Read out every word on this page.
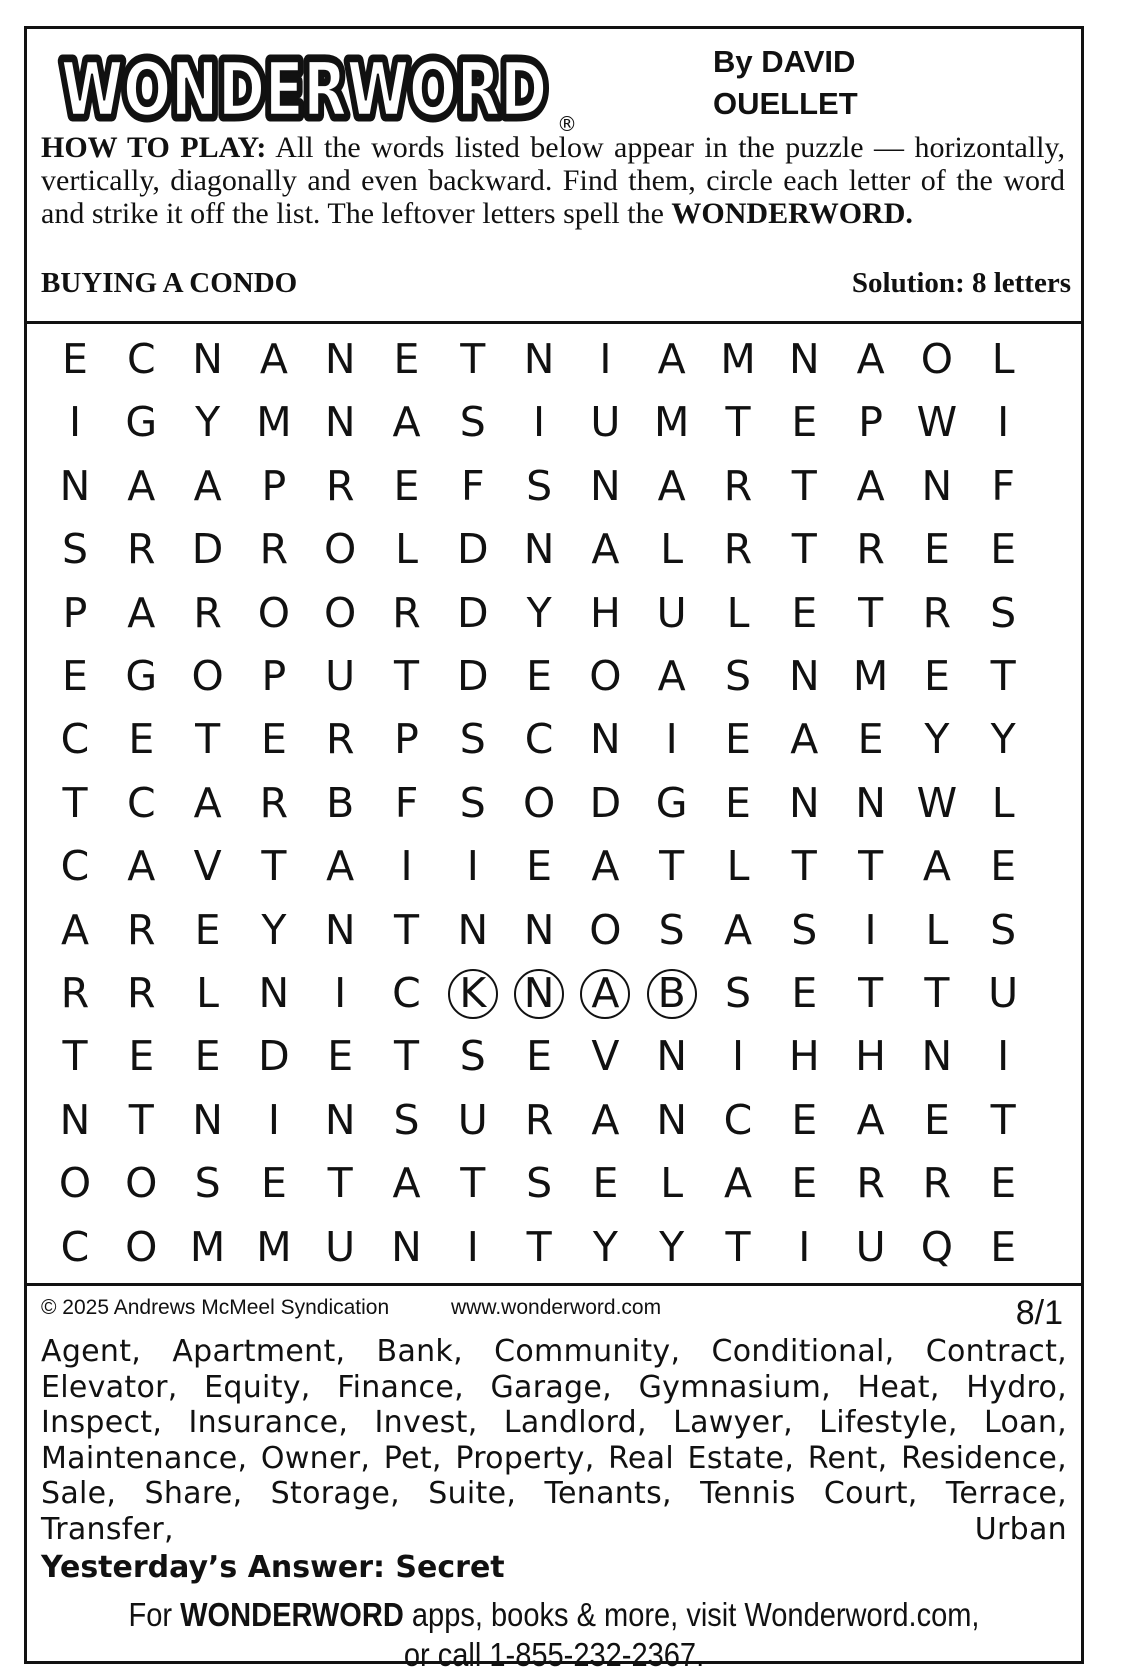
WONDERWORD
WONDERWORD ®
By DAVID
OUELLET
HOW TO PLAY: All the words listed below appear in the puzzle — horizontally, vertically, diagonally and even backward. Find them, circle each letter of the word and strike it off the list. The leftover letters spell the WONDERWORD.
BUYING A CONDO	Solution: 8 letters
E C N A N E T N	I	A M N A O L
I	G Y M N A S	I	U M T E P W I
N A A P R E	F	S N A R T A N F
S R D R O L D N A L R T R E E
P A R O O R D Y H U L	E T R S
E G O P U T D E O A S N M E T
C E T E R P S C N	I	E A E Y	Y
T C A R B F	S O D G E N N W L
C A V T A	I	I	E A T	L	T	T A E
A R E Y N T N N O S A S	I	L	S
R R L N	I	C K N A B S E T	T U
T E E D E T S E V N	I	H H N	I
N T N	I	N S U R A N C E A E T
O O S E T A T S E	L A E R R E
C O M M U N	I	T	Y	Y	T	I	U Q E
© 2025 Andrews McMeel Syndication	www.wonderword.com	8/1
Agent, Apartment, Bank, Community, Conditional, Contract, Elevator, Equity, Finance, Garage, Gymnasium, Heat, Hydro, Inspect, Insurance, Invest, Landlord, Lawyer, Lifestyle, Loan, Maintenance, Owner, Pet, Property, Real Estate, Rent, Residence, Sale, Share, Storage, Suite, Tenants, Tennis Court, Terrace, Transfer, Urban
Yesterday’s Answer: Secret
For WONDERWORD apps, books & more, visit Wonderword.com,
or call 1-855-232-2367.
